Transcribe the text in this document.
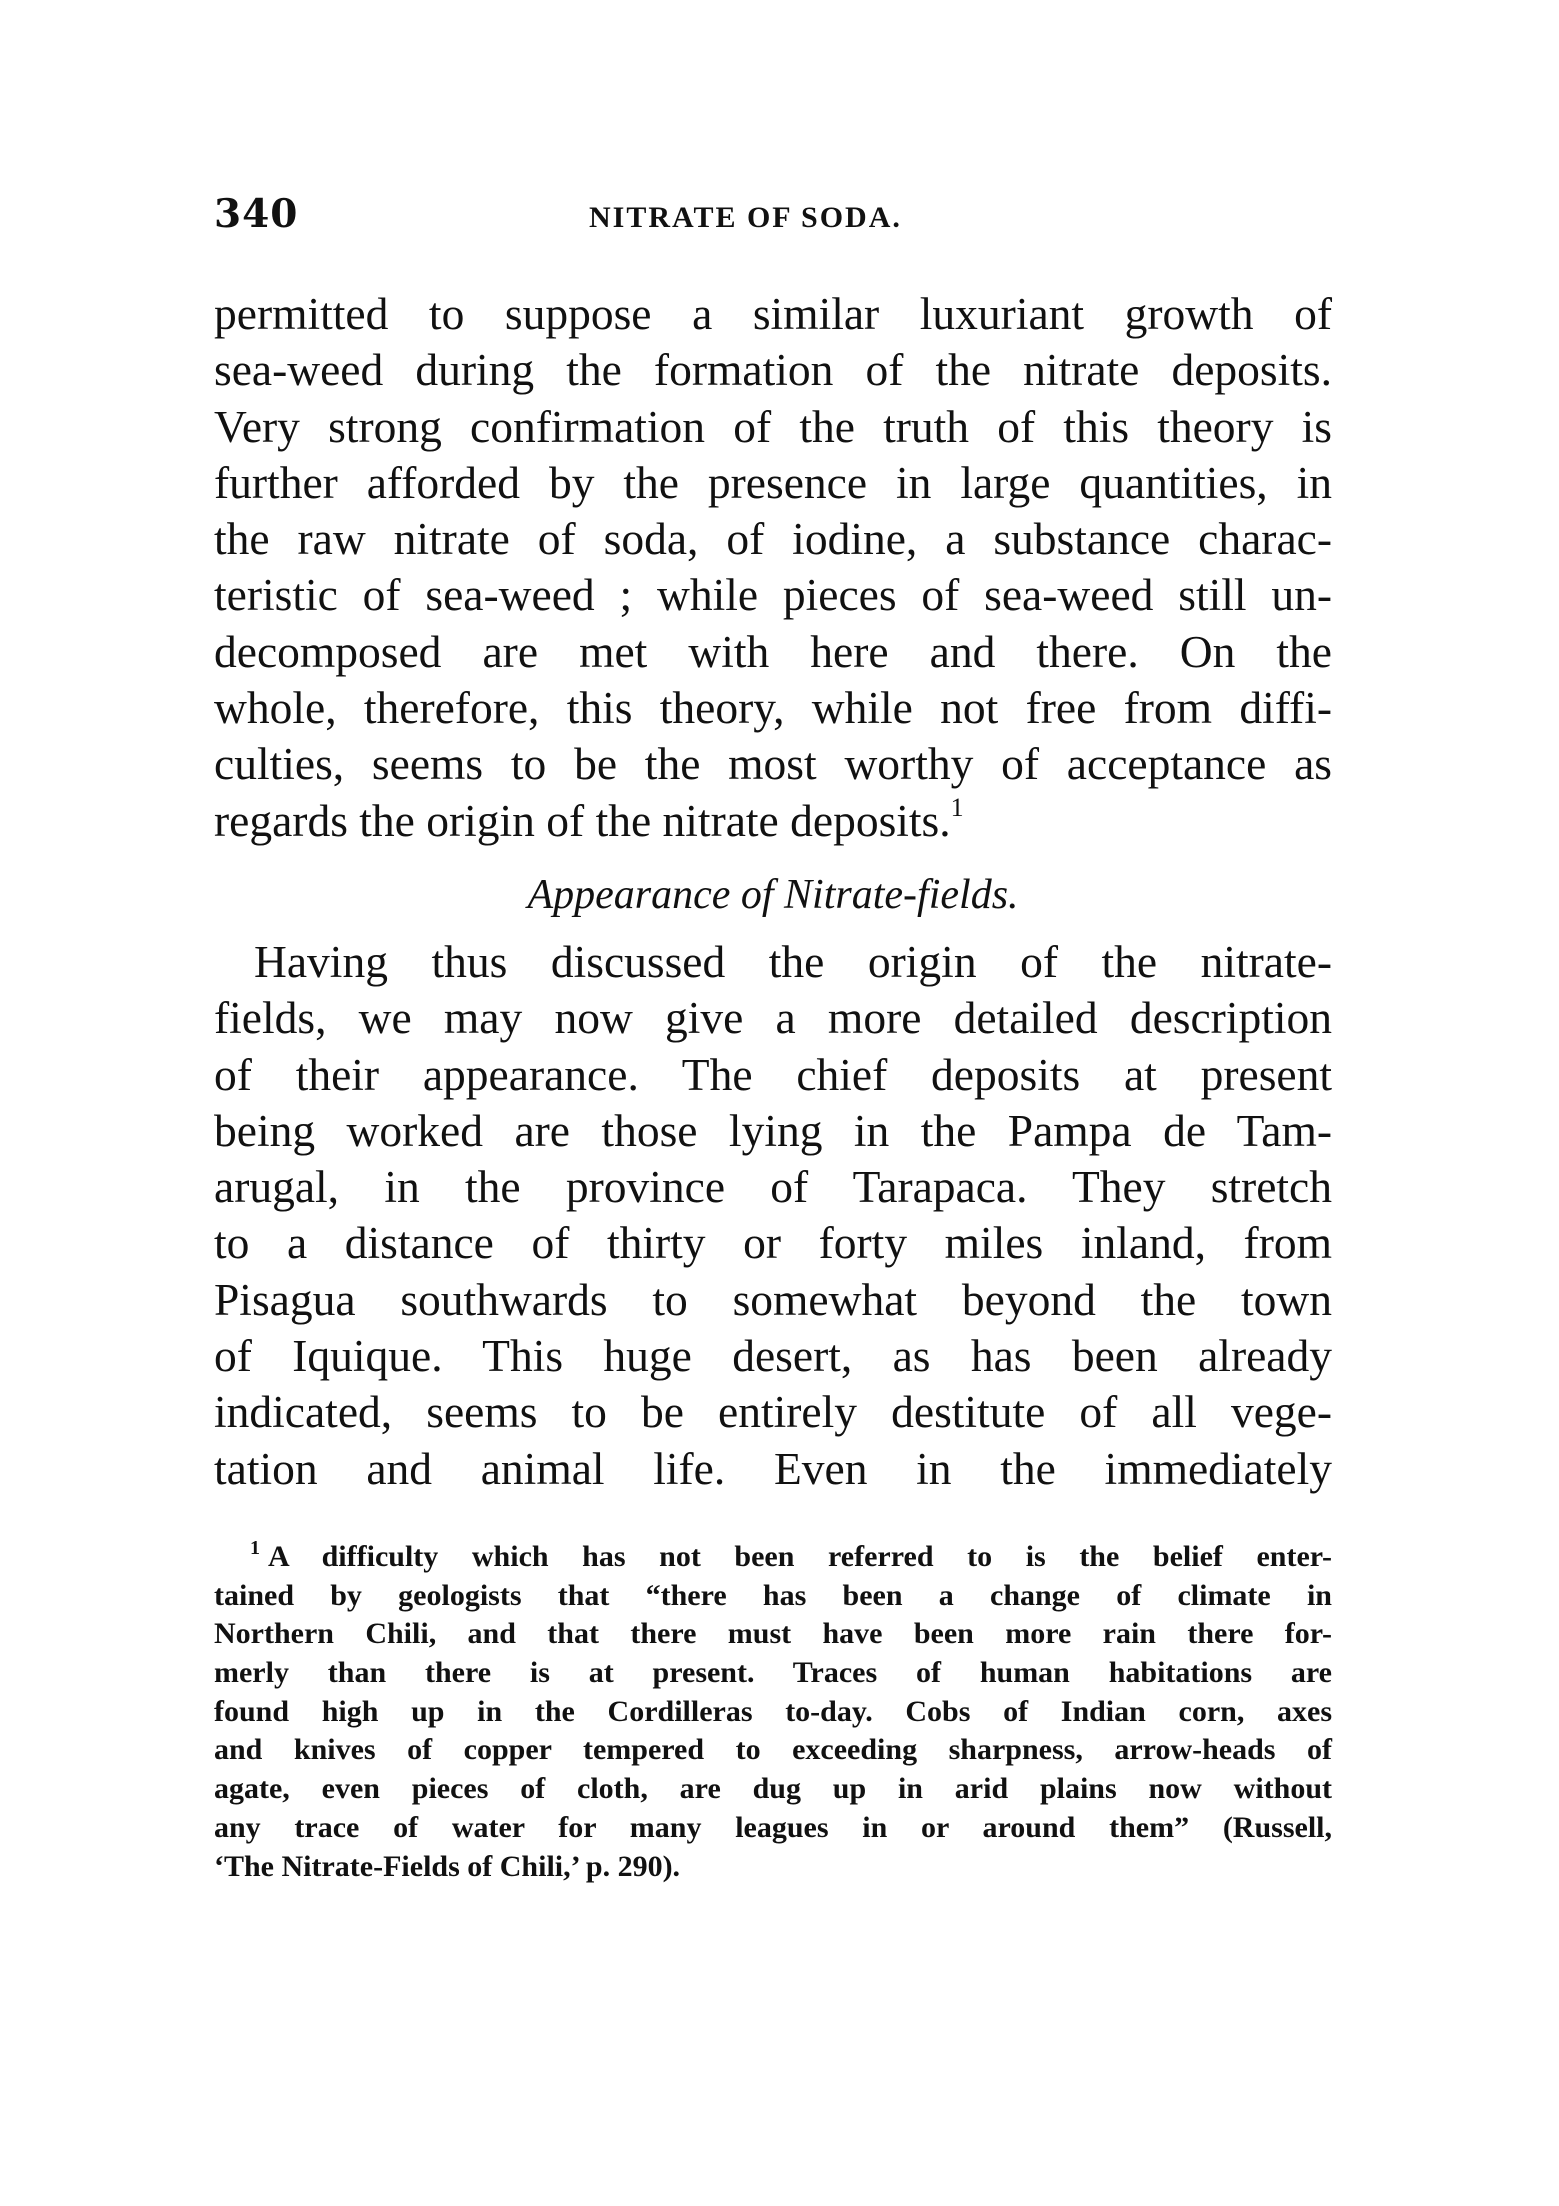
340	NITRATE OF SODA.
permitted to suppose a similar luxuriant growth of
sea-weed during the formation of the nitrate deposits.
Very strong confirmation of the truth of this theory is
further afforded by the presence in large quantities, in
the raw nitrate of soda, of iodine, a substance charac-
teristic of sea-weed ; while pieces of sea-weed still un-
decomposed are met with here and there. On the
whole, therefore, this theory, while not free from diffi-
culties, seems to be the most worthy of acceptance as
regards the origin of the nitrate deposits.$^1$
Appearance of Nitrate-fields.
Having thus discussed the origin of the nitrate-
fields, we may now give a more detailed description
of their appearance. The chief deposits at present
being worked are those lying in the Pampa de Tam-
arugal, in the province of Tarapaca. They stretch
to a distance of thirty or forty miles inland, from
Pisagua southwards to somewhat beyond the town
of Iquique. This huge desert, as has been already
indicated, seems to be entirely destitute of all vege-
tation and animal life. Even in the immediately
$^1$ A difficulty which has not been referred to is the belief enter-
tained by geologists that “there has been a change of climate in
Northern Chili, and that there must have been more rain there for-
merly than there is at present. Traces of human habitations are
found high up in the Cordilleras to-day. Cobs of Indian corn, axes
and knives of copper tempered to exceeding sharpness, arrow-heads of
agate, even pieces of cloth, are dug up in arid plains now without
any trace of water for many leagues in or around them” (Russell,
‘The Nitrate-Fields of Chili,’ p. 290).
